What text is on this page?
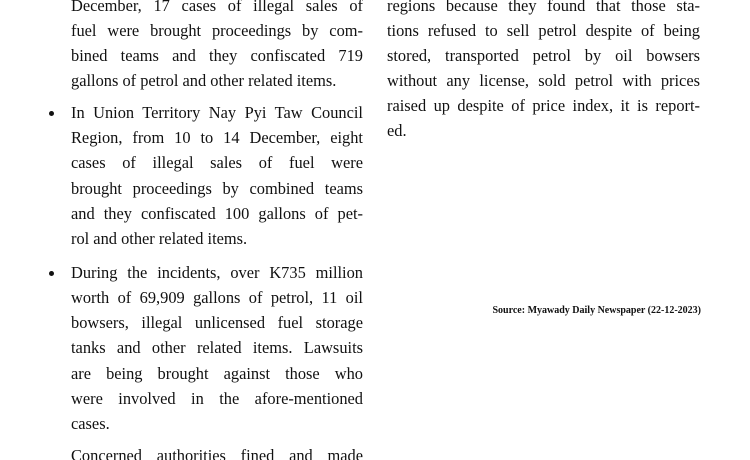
December, 17 cases of illegal sales of
fuel were brought proceedings by com-
bined teams and they confiscated 719
gallons of petrol and other related items.
In Union Territory Nay Pyi Taw Council
Region, from 10 to 14 December, eight
cases of illegal sales of fuel were
brought proceedings by combined teams
and they confiscated 100 gallons of pet-
rol and other related items.
During the incidents, over K735 million
worth of 69,909 gallons of petrol, 11 oil
bowsers, illegal unlicensed fuel storage
tanks and other related items. Lawsuits
are being brought against those who
were involved in the afore-mentioned
cases.
Concerned authorities fined and made
regions because they found that those sta-
tions refused to sell petrol despite of being
stored, transported petrol by oil bowsers
without any license, sold petrol with prices
raised up despite of price index, it is report-
ed.
Source: Myawady Daily Newspaper (22-12-2023)
